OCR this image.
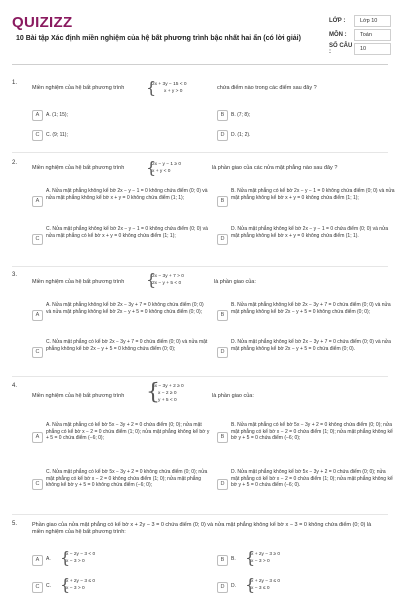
QUIZIZZ
10 Bài tập Xác định miền nghiệm của hệ bất phương trình bậc nhất hai ẩn (có lời giải)
LỚP :	Lớp 10
MÔN :	Toán
SỐ CÂU :	10
1.
Miền nghiệm của hệ bất phương trình {
2x + 3y − 15 < 0
x + y > 0
chứa điểm nào trong các điểm sau đây ?
A	A. (1; 15);	B	B. (7; 8);
C	C. (9; 11);	D	D. (1; 2).
2.
Miền nghiệm của hệ bất phương trình {
2x − y − 1 ≥ 0
x + y < 0
là phần giao của các nửa mặt phẳng nào sau đây ?
A
A. Nửa mặt phẳng không kể bờ 2x − y − 1 = 0 không chứa điểm (0; 0) và nửa mặt phẳng không kể bờ x + y = 0 không chứa điểm (1; 1);
B
B. Nửa mặt phẳng có kể bờ 2x − y − 1 = 0 không chứa điểm (0; 0) và nửa mặt phẳng không kể bờ x + y = 0 không chứa điểm (1; 1);
C
C. Nửa mặt phẳng không kể bờ 2x − y − 1 = 0 không chứa điểm (0; 0) và nửa mặt phẳng có kể bờ x + y = 0 không chứa điểm (1; 1);
D
D. Nửa mặt phẳng không kể bờ 2x − y − 1 = 0 chứa điểm (0; 0) và nửa mặt phẳng không kể bờ x + y = 0 không chứa điểm (1; 1).
3.
Miền nghiệm của hệ bất phương trình {
2x − 3y + 7 > 0
2x − y + 5 < 0	là phần giao của:
A
A. Nửa mặt phẳng không kể bờ 2x − 3y + 7 = 0 không chứa điểm (0; 0) và nửa mặt phẳng không kể bờ 2x − y + 5 = 0 không chứa điểm (0; 0);
B
B. Nửa mặt phẳng không kể bờ 2x − 3y + 7 = 0 chứa điểm (0; 0) và nửa mặt phẳng không kể bờ 2x − y + 5 = 0 không chứa điểm (0; 0);
C
C. Nửa mặt phẳng có kể bờ 2x − 3y + 7 = 0 chứa điểm (0; 0) và nửa mặt phẳng không kể bờ 2x − y + 5 = 0 không chứa điểm (0; 0);
D
D. Nửa mặt phẳng không kể bờ 2x − 3y + 7 = 0 chứa điểm (0; 0) và nửa mặt phẳng không kể bờ 2x − y + 5 = 0 chứa điểm (0; 0).
4.
Miền nghiệm của hệ bất phương trình {
5x − 3y + 2 ≥ 0
x − 2 ≥ 0
y + 5 < 0
là phần giao của:
A
A. Nửa mặt phẳng có kể bờ 5x − 3y + 2 = 0 chứa điểm (0; 0); nửa mặt phẳng có kể bờ x − 2 = 0 chứa điểm (1; 0); nửa mặt phẳng không kể bờ y + 5 = 0 chứa điểm (−6; 0);	B
B. Nửa mặt phẳng có kể bờ 5x − 3y + 2 = 0 không chứa điểm (0; 0); nửa mặt phẳng có kể bờ x − 2 = 0 chứa điểm (1; 0); nửa mặt phẳng không kể bờ y + 5 = 0 chứa điểm (−6; 0);
C
C. Nửa mặt phẳng có kể bờ 5x − 3y + 2 = 0 không chứa điểm (0; 0); nửa mặt phẳng có kể bờ x − 2 = 0 không chứa điểm (1; 0); nửa mặt phẳng không kể bờ y + 5 = 0 không chứa điểm (−6; 0);	D
D. Nửa mặt phẳng không kể bờ 5x − 3y + 2 = 0 chứa điểm (0; 0); nửa mặt phẳng có kể bờ x − 2 = 0 chứa điểm (1; 0); nửa mặt phẳng không kể bờ y + 5 = 0 chứa điểm (−6; 0).
5.	Phần giao của nửa mặt phẳng có kể bờ x + 2y − 3 = 0 chứa điểm (0; 0) và nửa mặt phẳng không kể bờ x − 3 = 0 không chứa điểm (0; 0) là miền nghiệm của hệ bất phương trình:
A	A. {
x − 2y − 3 < 0
x − 3 > 0	B	B. {
x + 2y − 3 ≥ 0
x − 3 > 0
C	C. {
x + 2y − 3 ≤ 0
x − 3 > 0	D	D. {
x + 2y − 3 ≤ 0
x − 3 ≤ 0
